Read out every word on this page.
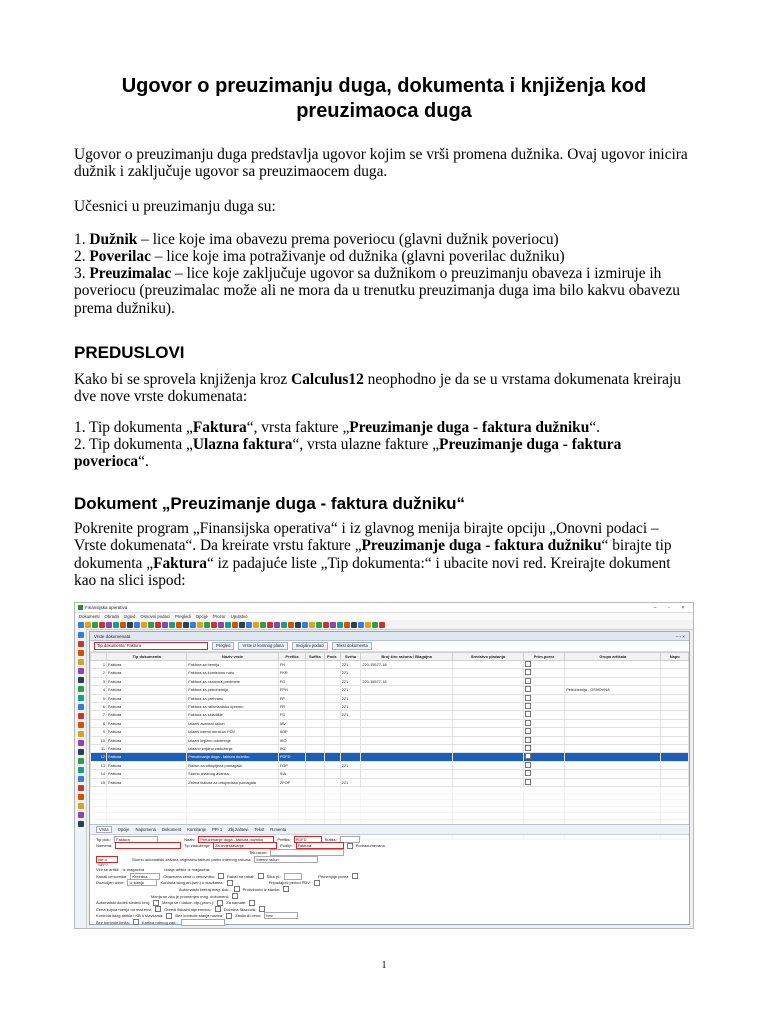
Ugovor o preuzimanju duga, dokumenta i knjiženja kod preuzimaoca duga

Ugovor o preuzimanju duga predstavlja ugovor kojim se vrši promena dužnika. Ovaj ugovor inicira dužnik i zaključuje ugovor sa preuzimaocem duga.

Učesnici u preuzimanju duga su:

1. Dužnik – lice koje ima obavezu prema poveriocu (glavni dužnik poveriocu)

2. Poverilac – lice koje ima potraživanje od dužnika (glavni poverilac dužniku)

3. Preuzimalac – lice koje zaključuje ugovor sa dužnikom o preuzimanju obaveza i izmiruje ih poveriocu (preuzimalac može ali ne mora da u trenutku preuzimanja duga ima bilo kakvu obavezu prema dužniku).

PREDUSLOVI

Kako bi se sprovela knjiženja kroz Calculus12 neophodno je da se u vrstama dokumenata kreiraju dve nove vrste dokumenata:

1. Tip dokumenta „Faktura“, vrsta fakture „Preuzimanje duga - faktura dužniku“.

2. Tip dokumenta „Ulazna faktura“, vrsta ulazne fakture „Preuzimanje duga - faktura poverioca“.

Dokument „Preuzimanje duga - faktura dužniku“

Pokrenite program „Finansijska operativa“ i iz glavnog menija birajte opciju „Onovni podaci – Vrste dokumenata“. Da kreirate vrstu fakture „Preuzimanje duga - faktura dužniku“ birajte tip dokumenta „Faktura“ iz padajuće liste „Tip dokumenta:“ i ubacite novi red. Kreirajte dokument kao na slici ispod:

Finansijska operativa	–	▫	×
Dokumenti Obrada Izgled Osnovni podaci Pregledi Opcije Prozor Uputstvo
Vrste dokumenata	– ▫ ×
Tip dokumenta: Faktura	Pregled	Vrste iz kontnog plana	Inicijalni podaci	Tekst dokumenta
	Tip dokumenta	Naziv vrste	Prefiks	Sufiks	Podr.	Svrha	Broj žiro računa / Blagajna	Sredstvo plaćanja	Prim.porez	Grupa artikala	Napo
1	Faktura	Faktura za hemiju	FH			221	220-15577-18				
2	Faktura	Faktura za komisionu robu	FKR			221					
3	Faktura	Faktura za osnovna predmete	FO			221	220-15577-18				
4	Faktura	Faktura za petrohemiju	FPH			221				Petrohemija , OSNOVNA	
5	Faktura	Faktura za prehranu	FP			221					
6	Faktura	Faktura za računardsku opremu	FR			221					
7	Faktura	Faktura za skladište	FS			221					
8	Faktura	Izlazni avansni račun	IAV								
9	Faktura	Izlazni interni obračun PDV	IIOP								
10	Faktura	Izlazni knjižno odobrenje	IKO								
11	Faktura	Izlazno knjižno zaduženje	IKZ								
12	Faktura	Preuzimanje duga - faktura dužniku	PDFD								
13	Faktura	Račun za otkupljena pomagala	FOP			221					
14	Faktura	Storno izlaznog avansa	SIA								
15	Faktura	Zbirna faktura za ortopedska pomagala	ZFOP			221					

Vrsta	Opcije Napomena Dokument Kontiranje PPI 1 Zbj.zahtevi Tekst R.menta
Tip dok.:	Faktura	Naziv:	Preuzimanje duga - faktura dužniku	Prefiks:	PDFD	Sufiks:
Namena:	Tip zaduženja:	Za izvještavanje	Podtip:	Faktura	Podrazumevana
Tek.račun:
Ide u SEF?
Storno automatski zatvara originalnu fakturu preko internog računa:	Interni račun
Vidi se artikli: Iz magacina	Izdaje artikle iz magacina:
Kanali cenovnika:	Kreirana	Obavezna cena u cenovniku:	Rabat na rabat:	Šifra pl.:	Primenjuje porez:
Dozvoljen izbor:	U stanju	Kontrola istog art.(ser.) u stavkama:	Pripadajući period PDV:
Automatski kreiraj mag. dok.:	Protivkonto iz stavke:
Menja se ako je promenjen mag. dokument:
Automatski dodeli sledeći broj:	Menja se i datum otp.(prom.):	Za kamate:
Cena kupca menja od mat.envi:	Odredi fiskalni otpremnicu:	Dovršna filiazcula:
Kontrola istog artikla i KB u stavkama:	Bez kontrole stanja naziva:	Zaokruži cenu:	bez
Bez kontrole limita:	Kartica robnog zad.:
1
